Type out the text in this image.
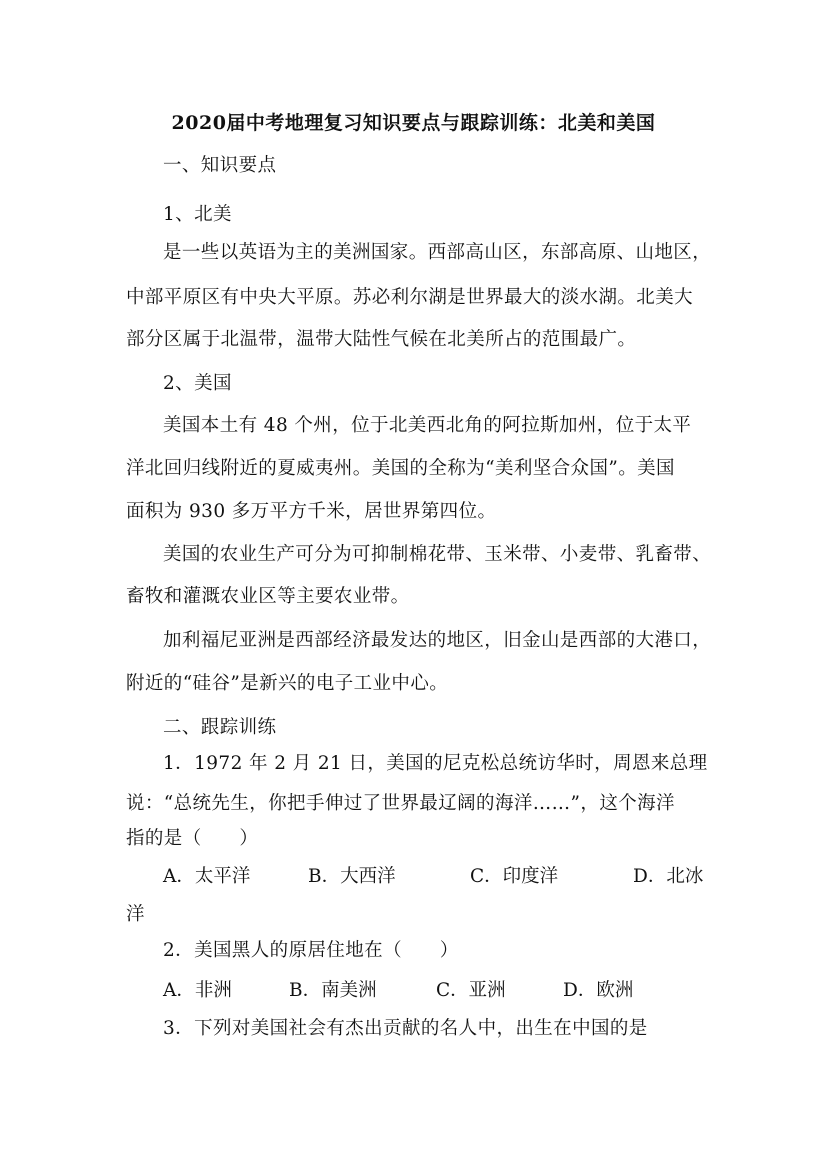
2020届中考地理复习知识要点与跟踪训练：北美和美国
一、知识要点
1、北美
是一些以英语为主的美洲国家。西部高山区，东部高原、山地区，
中部平原区有中央大平原。苏必利尔湖是世界最大的淡水湖。北美大
部分区属于北温带，温带大陆性气候在北美所占的范围最广。
2、美国
美国本土有 48 个州，位于北美西北角的阿拉斯加州，位于太平
洋北回归线附近的夏威夷州。美国的全称为“美利坚合众国”。美国
面积为 930 多万平方千米，居世界第四位。
美国的农业生产可分为可抑制棉花带、玉米带、小麦带、乳畜带、
畜牧和灌溉农业区等主要农业带。
加利福尼亚洲是西部经济最发达的地区，旧金山是西部的大港口，
附近的“硅谷”是新兴的电子工业中心。
二、跟踪训练
1．1972 年 2 月 21 日，美国的尼克松总统访华时，周恩来总理
说：“总统先生，你把手伸过了世界最辽阔的海洋……”，这个海洋
指的是（　　）
A．太平洋	B．大西洋	C．印度洋	D．北冰
洋
2．美国黑人的原居住地在（　　）
A．非洲	B．南美洲	C．亚洲	D．欧洲
3．下列对美国社会有杰出贡献的名人中，出生在中国的是
